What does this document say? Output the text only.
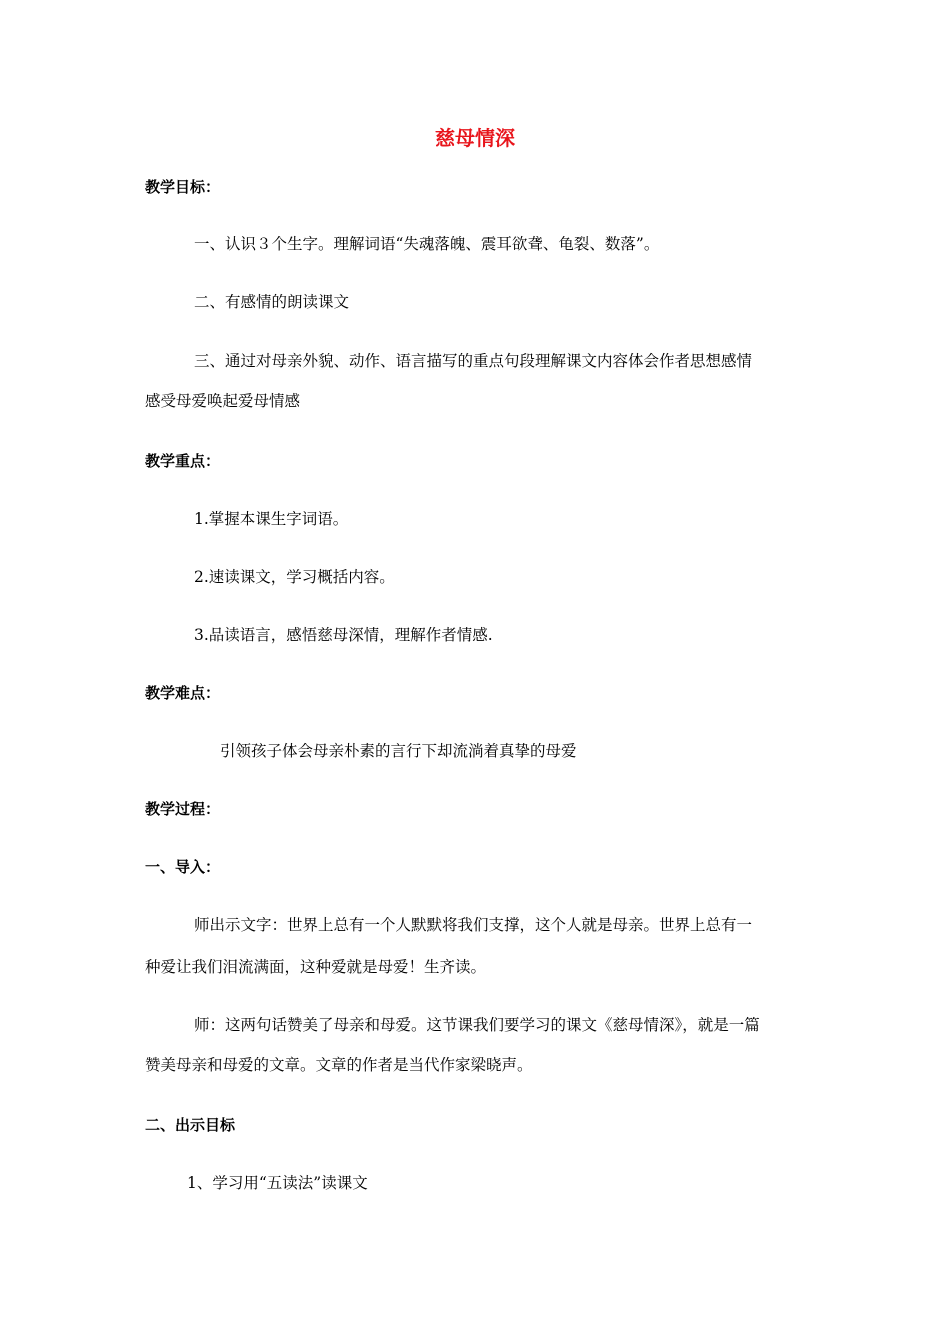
慈母情深
教学目标：
一、认识３个生字。理解词语“失魂落魄、震耳欲聋、龟裂、数落”。
二、有感情的朗读课文
三、通过对母亲外貌、动作、语言描写的重点句段理解课文内容体会作者思想感情
感受母爱唤起爱母情感
教学重点：
1.掌握本课生字词语。
2.速读课文，学习概括内容。
3.品读语言，感悟慈母深情，理解作者情感.
教学难点：
引领孩子体会母亲朴素的言行下却流淌着真挚的母爱
教学过程：
一、导入：
师出示文字：世界上总有一个人默默将我们支撑，这个人就是母亲。世界上总有一
种爱让我们泪流满面，这种爱就是母爱！生齐读。
师：这两句话赞美了母亲和母爱。这节课我们要学习的课文《慈母情深》，就是一篇
赞美母亲和母爱的文章。文章的作者是当代作家梁晓声。
二、出示目标
1、学习用“五读法”读课文
